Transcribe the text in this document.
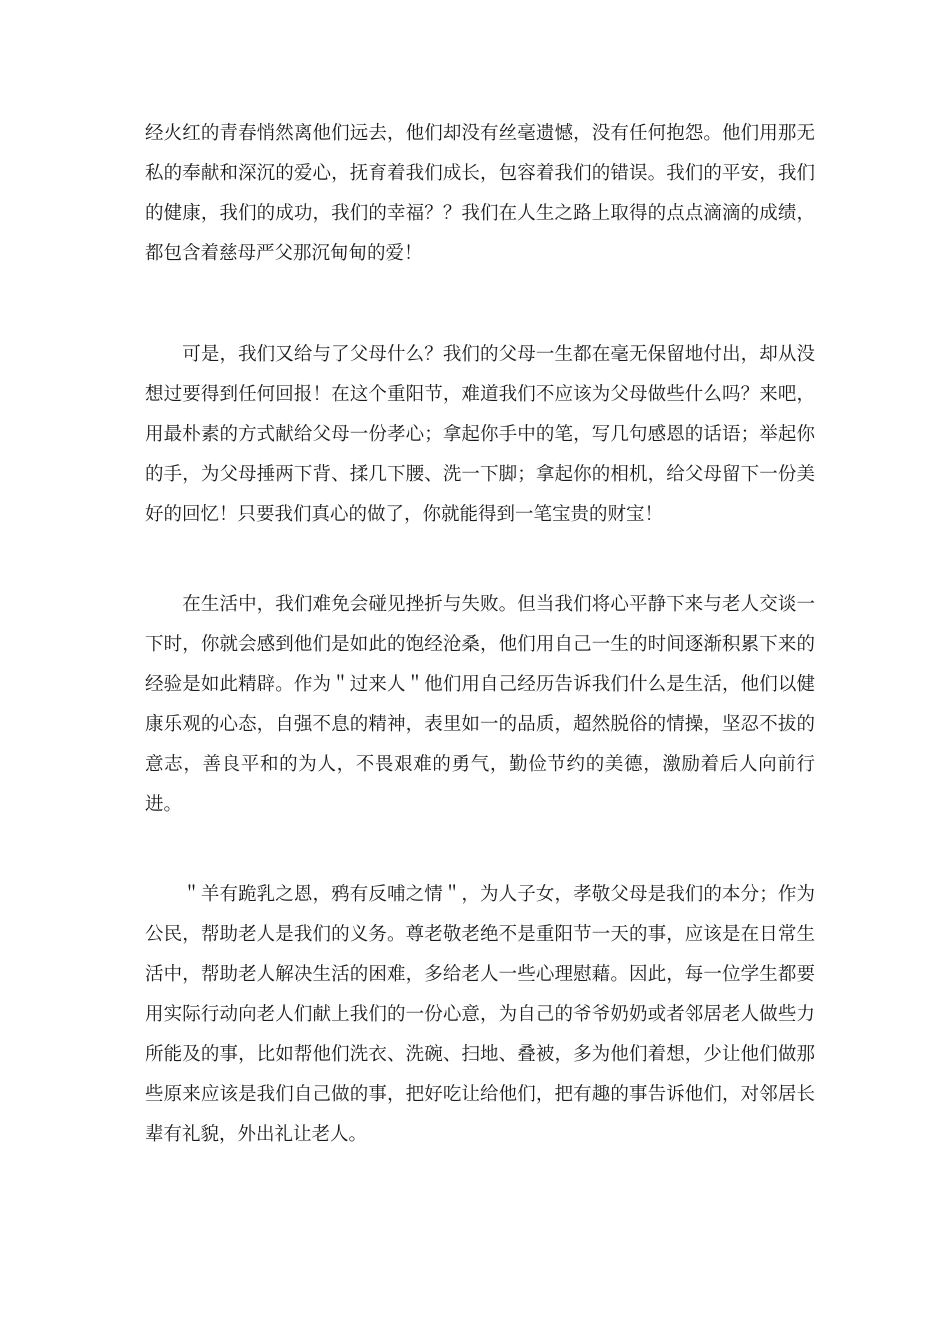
经火红的青春悄然离他们远去，他们却没有丝毫遗憾，没有任何抱怨。他们用那无私的奉献和深沉的爱心，抚育着我们成长，包容着我们的错误。我们的平安，我们的健康，我们的成功，我们的幸福？？我们在人生之路上取得的点点滴滴的成绩，都包含着慈母严父那沉甸甸的爱！

　　可是，我们又给与了父母什么？我们的父母一生都在毫无保留地付出，却从没想过要得到任何回报！在这个重阳节，难道我们不应该为父母做些什么吗？来吧，用最朴素的方式献给父母一份孝心；拿起你手中的笔，写几句感恩的话语；举起你的手，为父母捶两下背、揉几下腰、洗一下脚；拿起你的相机，给父母留下一份美好的回忆！只要我们真心的做了，你就能得到一笔宝贵的财宝！

　　在生活中，我们难免会碰见挫折与失败。但当我们将心平静下来与老人交谈一下时，你就会感到他们是如此的饱经沧桑，他们用自己一生的时间逐渐积累下来的经验是如此精辟。作为＂过来人＂他们用自己经历告诉我们什么是生活，他们以健康乐观的心态，自强不息的精神，表里如一的品质，超然脱俗的情操，坚忍不拔的意志，善良平和的为人，不畏艰难的勇气，勤俭节约的美德，激励着后人向前行进。

　　＂羊有跪乳之恩，鸦有反哺之情＂，为人子女，孝敬父母是我们的本分；作为公民，帮助老人是我们的义务。尊老敬老绝不是重阳节一天的事，应该是在日常生活中，帮助老人解决生活的困难，多给老人一些心理慰藉。因此，每一位学生都要用实际行动向老人们献上我们的一份心意，为自己的爷爷奶奶或者邻居老人做些力所能及的事，比如帮他们洗衣、洗碗、扫地、叠被，多为他们着想，少让他们做那些原来应该是我们自己做的事，把好吃让给他们，把有趣的事告诉他们，对邻居长辈有礼貌，外出礼让老人。
